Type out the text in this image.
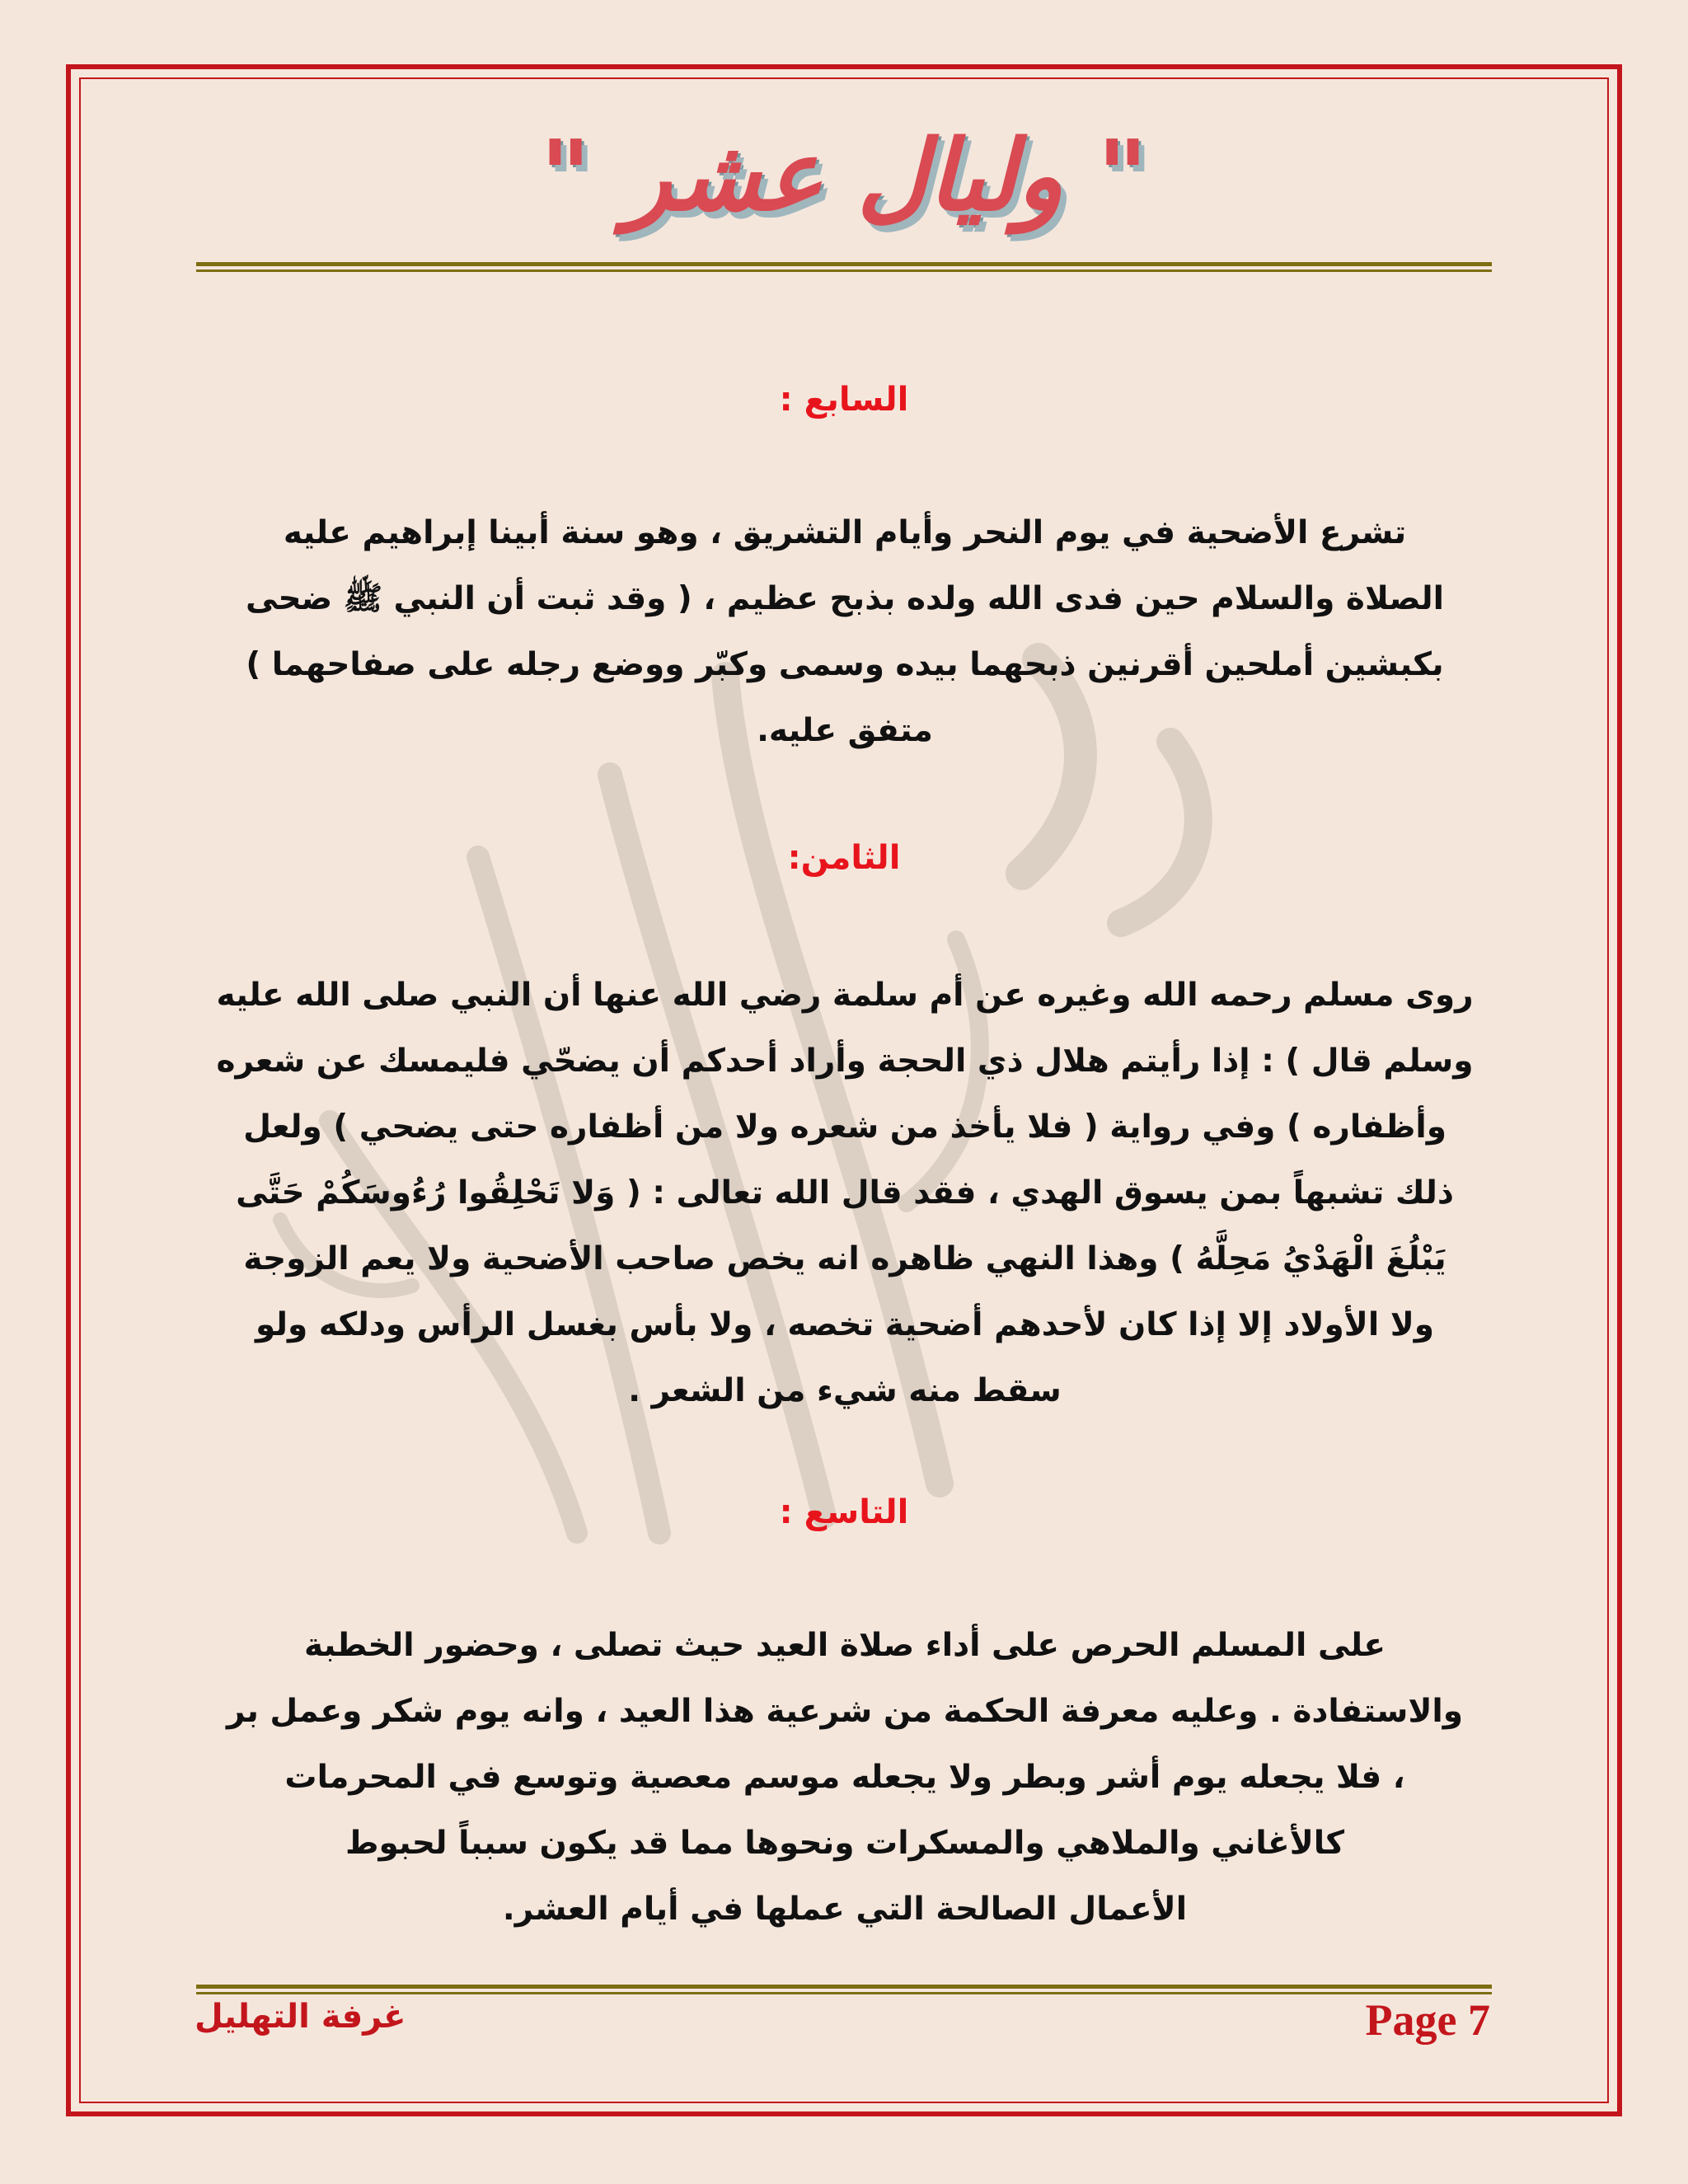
" وليال عشر "
السابع :
تشرع الأضحية في يوم النحر وأيام التشريق ، وهو سنة أبينا إبراهيم عليه
الصلاة والسلام حين فدى الله ولده بذبح عظيم ، ( وقد ثبت أن النبي ﷺ ضحى
بكبشين أملحين أقرنين ذبحهما بيده وسمى وكبّر ووضع رجله على صفاحهما )
متفق عليه.
الثامن:
روى مسلم رحمه الله وغيره عن أم سلمة رضي الله عنها أن النبي صلى الله عليه
وسلم قال ) : إذا رأيتم هلال ذي الحجة وأراد أحدكم أن يضحّي فليمسك عن شعره
وأظفاره ) وفي رواية ( فلا يأخذ من شعره ولا من أظفاره حتى يضحي ) ولعل
ذلك تشبهاً بمن يسوق الهدي ، فقد قال الله تعالى : ( وَلا تَحْلِقُوا رُءُوسَكُمْ حَتَّى
يَبْلُغَ الْهَدْيُ مَحِلَّهُ ) وهذا النهي ظاهره انه يخص صاحب الأضحية ولا يعم الزوجة
ولا الأولاد إلا إذا كان لأحدهم أضحية تخصه ، ولا بأس بغسل الرأس ودلكه ولو
سقط منه شيء من الشعر .
التاسع :
على المسلم الحرص على أداء صلاة العيد حيث تصلى ، وحضور الخطبة
والاستفادة . وعليه معرفة الحكمة من شرعية هذا العيد ، وانه يوم شكر وعمل بر
، فلا يجعله يوم أشر وبطر ولا يجعله موسم معصية وتوسع في المحرمات
كالأغاني والملاهي والمسكرات ونحوها مما قد يكون سبباً لحبوط
الأعمال الصالحة التي عملها في أيام العشر.
غرفة التهليل	Page 7
